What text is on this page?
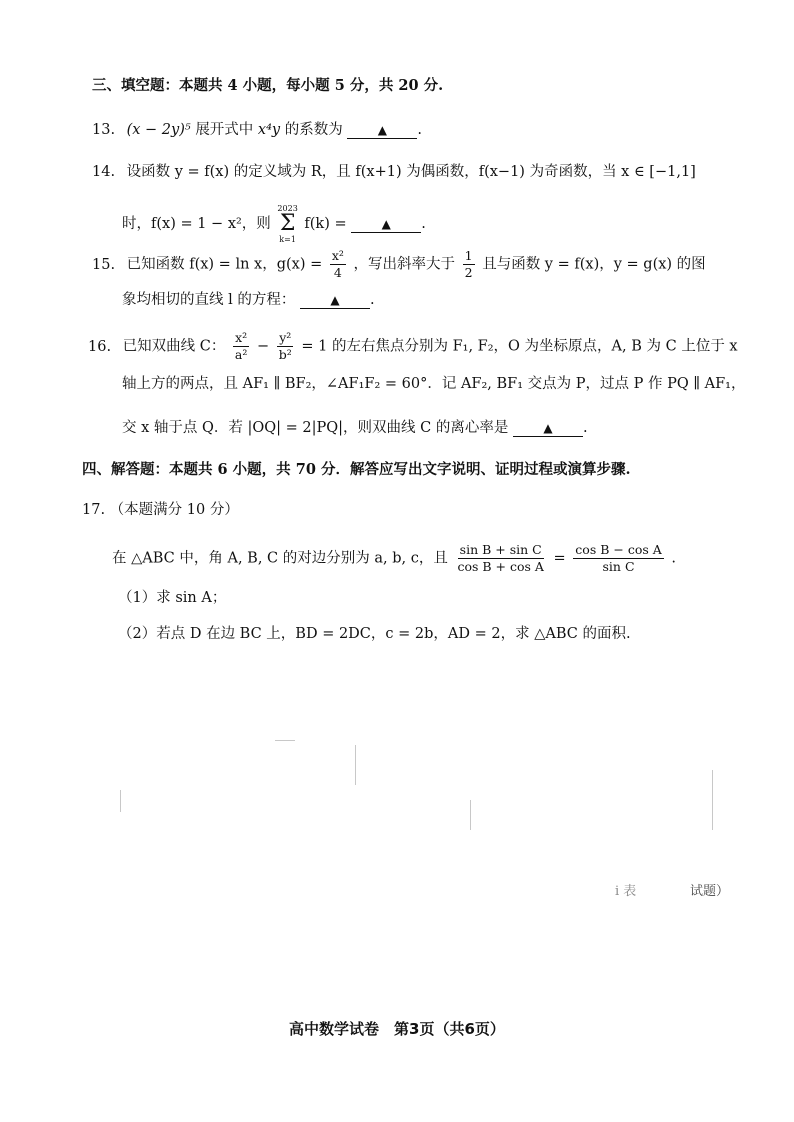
三、填空题：本题共 4 小题，每小题 5 分，共 20 分.
13. (x − 2y)⁵ 展开式中 x⁴y 的系数为	▲ .
14. 设函数 y = f(x) 的定义域为 R，且 f(x+1) 为偶函数，f(x−1) 为奇函数，当 x ∈ [−1,1]
时，f(x) = 1 − x²，则
2023
Σ
k=1
f(k) =	▲ .
15. 已知函数 f(x) = ln x，$g(x) = \frac{\text{x²}}{4}$ ，写出斜率大于 $\frac{1}{2}$ 且与函数 y = f(x)，y = g(x) 的图
象均相切的直线 l 的方程：	▲ .
16. 已知双曲线 C： $\frac{\text{x²}}{\text{a²}} - \frac{\text{y²}}{\text{b²}} = 1$ 的左右焦点分别为 F₁, F₂，O 为坐标原点，A, B 为 C 上位于 x
轴上方的两点，且 AF₁ ∥ BF₂，∠AF₁F₂ = 60°．记 AF₂, BF₁ 交点为 P，过点 P 作 PQ ∥ AF₁，
交 x 轴于点 Q．若 |OQ| = 2|PQ|，则双曲线 C 的离心率是	▲ .
四、解答题：本题共 6 小题，共 70 分．解答应写出文字说明、证明过程或演算步骤.
17. （本题满分 10 分）
在 △ABC 中，角 A, B, C 的对边分别为 a, b, c，且 $\frac{\text{sin B + sin C}}{\text{cos B + cos A}} = \frac{\text{cos B − cos A}}{\text{sin C}}$ .
（1）求 sin A；
（2）若点 D 在边 BC 上，BD = 2DC，c = 2b，AD = 2，求 △ABC 的面积.
i 表	试题）
高中数学试卷　第3页（共6页）
